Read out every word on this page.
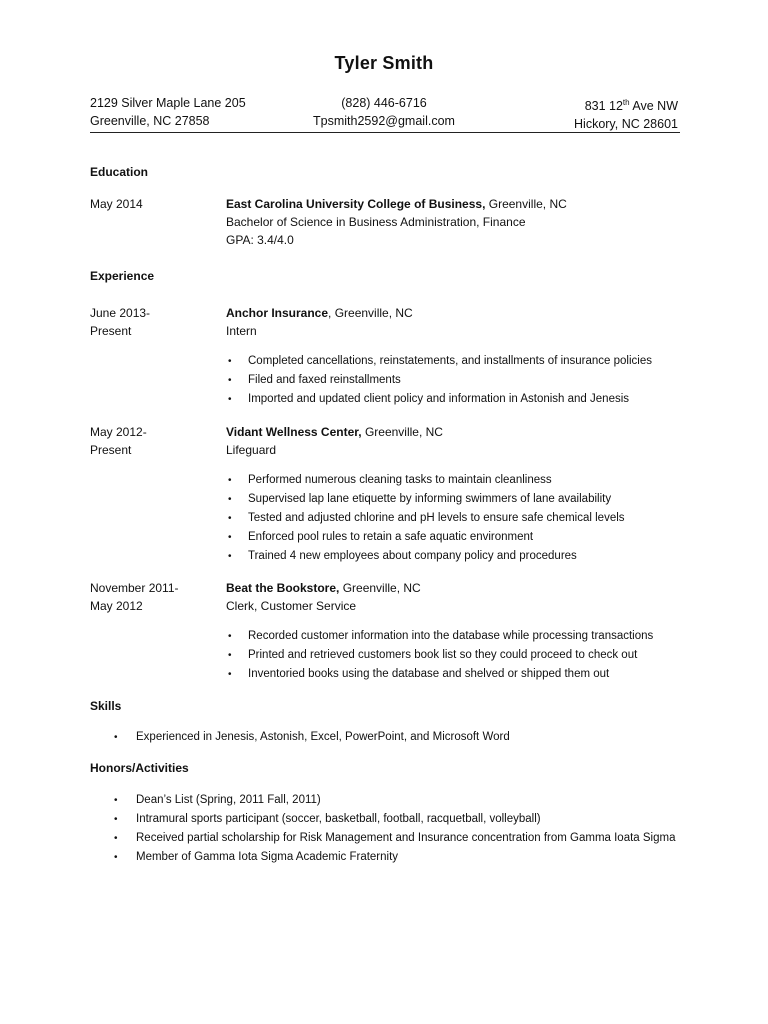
Tyler Smith
2129 Silver Maple Lane 205
Greenville, NC 27858
(828) 446-6716
Tpsmith2592@gmail.com
831 12th Ave NW
Hickory, NC 28601
Education
May 2014	East Carolina University College of Business, Greenville, NC
Bachelor of Science in Business Administration, Finance
GPA: 3.4/4.0
Experience
June 2013-
Present
Anchor Insurance, Greenville, NC
Intern
• Completed cancellations, reinstatements, and installments of insurance policies
• Filed and faxed reinstallments
• Imported and updated client policy and information in Astonish and Jenesis
May 2012-
Present
Vidant Wellness Center, Greenville, NC
Lifeguard
• Performed numerous cleaning tasks to maintain cleanliness
• Supervised lap lane etiquette by informing swimmers of lane availability
• Tested and adjusted chlorine and pH levels to ensure safe chemical levels
• Enforced pool rules to retain a safe aquatic environment
• Trained 4 new employees about company policy and procedures
November 2011-
May 2012
Beat the Bookstore, Greenville, NC
Clerk, Customer Service
• Recorded customer information into the database while processing transactions
• Printed and retrieved customers book list so they could proceed to check out
• Inventoried books using the database and shelved or shipped them out
Skills
• Experienced in Jenesis, Astonish, Excel, PowerPoint, and Microsoft Word
Honors/Activities
• Dean’s List (Spring, 2011 Fall, 2011)
• Intramural sports participant (soccer, basketball, football, racquetball, volleyball)
• Received partial scholarship for Risk Management and Insurance concentration from Gamma Ioata Sigma
• Member of Gamma Iota Sigma Academic Fraternity
